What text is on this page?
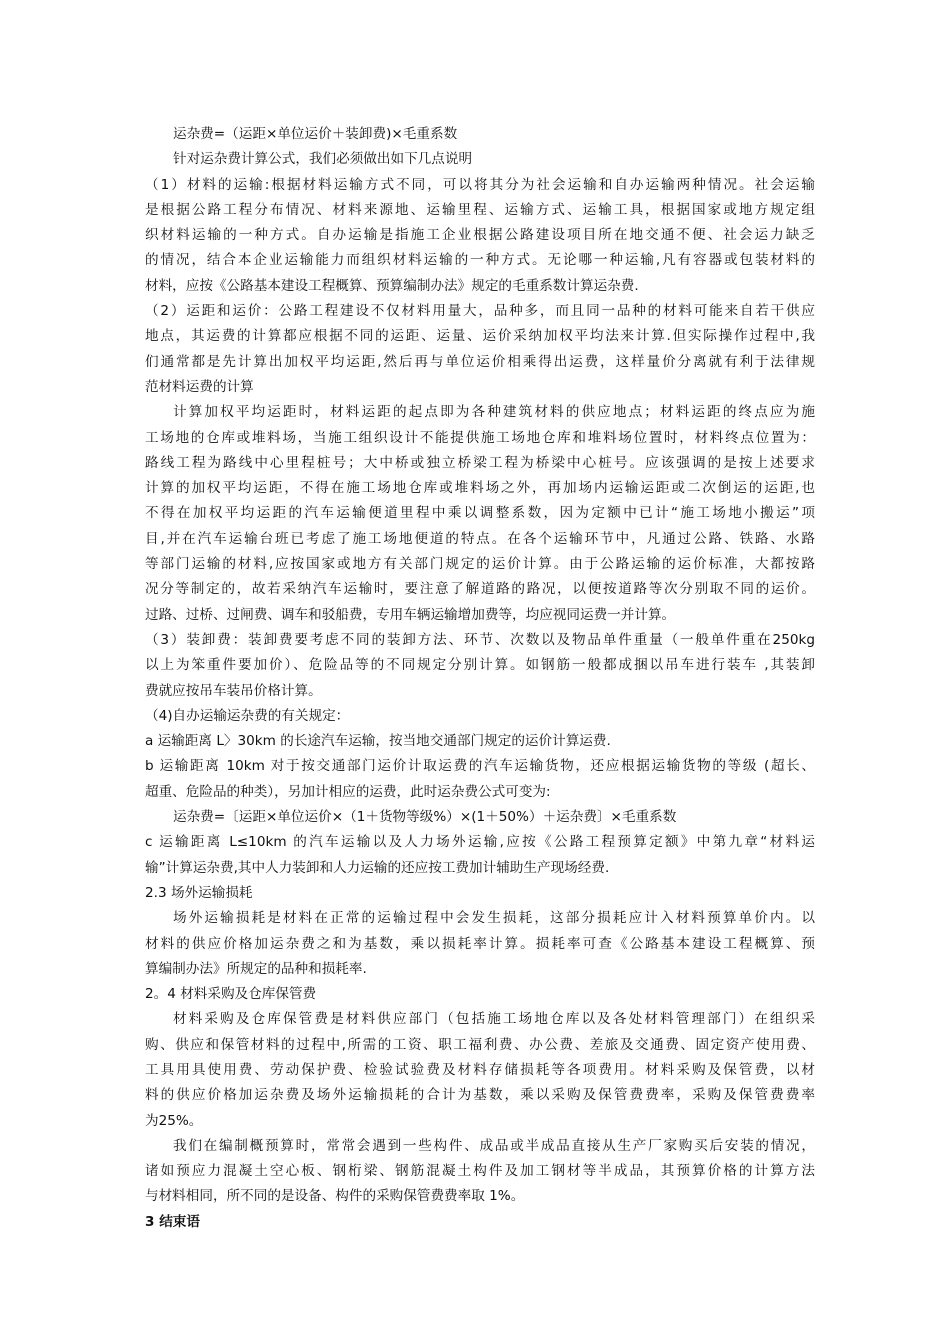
运杂费=（运距×单位运价＋装卸费)×毛重系数
针对运杂费计算公式，我们必须做出如下几点说明
（1）材料的运输:根据材料运输方式不同，可以将其分为社会运输和自办运输两种情况。社会运输
是根据公路工程分布情况、材料来源地、运输里程、运输方式、运输工具，根据国家或地方规定组
织材料运输的一种方式。自办运输是指施工企业根据公路建设项目所在地交通不便、社会运力缺乏
的情况，结合本企业运输能力而组织材料运输的一种方式。无论哪一种运输,凡有容器或包装材料的
材料，应按《公路基本建设工程概算、预算编制办法》规定的毛重系数计算运杂费.
（2）运距和运价：公路工程建设不仅材料用量大，品种多，而且同一品种的材料可能来自若干供应
地点，其运费的计算都应根据不同的运距、运量、运价采纳加权平均法来计算.但实际操作过程中,我
们通常都是先计算出加权平均运距,然后再与单位运价相乘得出运费，这样量价分离就有利于法律规
范材料运费的计算
计算加权平均运距时，材料运距的起点即为各种建筑材料的供应地点；材料运距的终点应为施
工场地的仓库或堆料场，当施工组织设计不能提供施工场地仓库和堆料场位置时，材料终点位置为：
路线工程为路线中心里程桩号；大中桥或独立桥梁工程为桥梁中心桩号。应该强调的是按上述要求
计算的加权平均运距，不得在施工场地仓库或堆料场之外，再加场内运输运距或二次倒运的运距,也
不得在加权平均运距的汽车运输便道里程中乘以调整系数，因为定额中已计“施工场地小搬运”项
目,并在汽车运输台班已考虑了施工场地便道的特点。在各个运输环节中，凡通过公路、铁路、水路
等部门运输的材料,应按国家或地方有关部门规定的运价计算。由于公路运输的运价标准，大都按路
况分等制定的，故若采纳汽车运输时，要注意了解道路的路况，以便按道路等次分别取不同的运价。
过路、过桥、过闸费、调车和驳船费，专用车辆运输增加费等，均应视同运费一并计算。
（3）装卸费：装卸费要考虑不同的装卸方法、环节、次数以及物品单件重量（一般单件重在250kg
以上为笨重件要加价）、危险品等的不同规定分别计算。如钢筋一般都成捆以吊车进行装车 ,其装卸
费就应按吊车装吊价格计算。
（4)自办运输运杂费的有关规定：
a 运输距离 L〉30km 的长途汽车运输，按当地交通部门规定的运价计算运费.
b 运输距离 10km 对于按交通部门运价计取运费的汽车运输货物，还应根据运输货物的等级 (超长、
超重、危险品的种类），另加计相应的运费，此时运杂费公式可变为:
运杂费=〔运距×单位运价×（1＋货物等级%）×(1＋50%）＋运杂费〕×毛重系数
c 运输距离 L≤10km 的汽车运输以及人力场外运输,应按《公路工程预算定额》中第九章“材料运
输”计算运杂费,其中人力装卸和人力运输的还应按工费加计辅助生产现场经费.
2.3 场外运输损耗
场外运输损耗是材料在正常的运输过程中会发生损耗，这部分损耗应计入材料预算单价内。以
材料的供应价格加运杂费之和为基数，乘以损耗率计算。损耗率可查《公路基本建设工程概算、预
算编制办法》所规定的品种和损耗率.
2。4 材料采购及仓库保管费
材料采购及仓库保管费是材料供应部门（包括施工场地仓库以及各处材料管理部门）在组织采
购、供应和保管材料的过程中,所需的工资、职工福利费、办公费、差旅及交通费、固定资产使用费、
工具用具使用费、劳动保护费、检验试验费及材料存储损耗等各项费用。材料采购及保管费，以材
料的供应价格加运杂费及场外运输损耗的合计为基数，乘以采购及保管费费率，采购及保管费费率
为25%。
我们在编制概预算时，常常会遇到一些构件、成品或半成品直接从生产厂家购买后安装的情况，
诸如预应力混凝土空心板、钢桁梁、钢筋混凝土构件及加工钢材等半成品，其预算价格的计算方法
与材料相同，所不同的是设备、构件的采购保管费费率取 1%。
3 结束语
